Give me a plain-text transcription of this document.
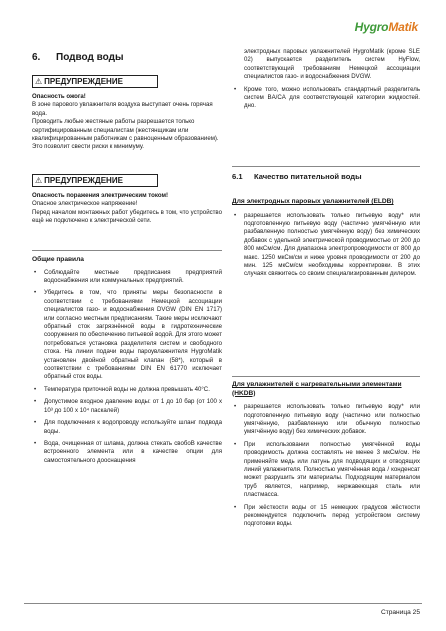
HygroMatik
6. Подвод воды
⚠ ПРЕДУПРЕЖДЕНИЕ

Опасность ожога!

В зоне парового увлажнителя воздуха выступает очень горячая вода.

Проводить любые жестяные работы разрешается только сертифицированным специалистам (жестянщикам или квалифицированным работникам с равноценным образованием). Это позволит свести риски к минимуму.

⚠ ПРЕДУПРЕЖДЕНИЕ

Опасность поражения электрическим током!

Опасное электрическое напряжение!

Перед началом монтажных работ убедитесь в том, что устройство ещё не подключено к электрической сети.

Общие правила

• Соблюдайте местные предписания предприятий водоснабжения или коммунальных предприятий.
• Убедитесь в том, что приняты меры безопасности в соответствии с требованиями Немецкой ассоциации специалистов газо- и водоснабжения DVGW (DIN EN 1717) или согласно местным предписаниям. Такие меры исключают обратный сток загрязнённой воды в гидротехнические сооружения по обеспечению питьевой водой. Для этого может потребоваться установка разделителя систем и свободного стока. На линии подачи воды пароувлажнителя HygroMatik установлен двойной обратный клапан (58*), который в соответствии с требованиями DIN EN 61770 исключает обратный сток воды.
• Температура приточной воды не должна превышать 40°C.
• Допустимое входное давление воды: от 1 до 10 бар (от 100 х 10³ до 100 х 10⁴ паскалей)
• Для подключения к водопроводу используйте шланг подвода воды.
• Вода, очищенная от шлама, должна стекать свобоВ качестве встроенного элемента или в качестве опции для самостоятельного дооснащения

электродных паровых увлажнителей HygroMatik (кроме SLE 02) выпускается разделитель систем HyFlow, соответствующий требованиям Немецкой ассоциации специалистов газо- и водоснабжения DVGW.

• Кроме того, можно использовать стандартный разделитель систем BA/CA для соответствующей категории жидкостей. дно.
6.1 Качество питательной воды

Для электродных паровых увлажнителей (ELDB)

• разрешается использовать только питьевую воду* или подготовленную питьевую воду (частично умягчённую или разбавленную полностью умягчённую воду) без химических добавок с удельной электрической проводимостью от 200 до 800 мкСм/см. Для диапазона электропроводимости от 800 до макс. 1250 мкСм/см и ниже уровня проводимости от 200 до мин. 125 мкСм/см необходимы корректировки. В этих случаях свяжитесь со своим специализированным дилером.

Для увлажнителей с нагревательными элементами (HKDB)

• разрешается использовать только питьевую воду* или подготовленную питьевую воду (частично или полностью умягчённую, разбавленную или обычную полностью умягчённую воду) без химических добавок.
• При использовании полностью умягчённой воды проводимость должна составлять не менее 3 мкСм/см. Не применяйте медь или латунь для подводящих и отводящих линий увлажнителя. Полностью умягчённая вода / конденсат может разрушить эти материалы. Подходящим материалом труб является, например, нержавеющая сталь или пластмасса.
• При жёсткости воды от 15 немецких градусов жёсткости рекомендуется подключить перед устройством систему подготовки воды.
Страница 25
